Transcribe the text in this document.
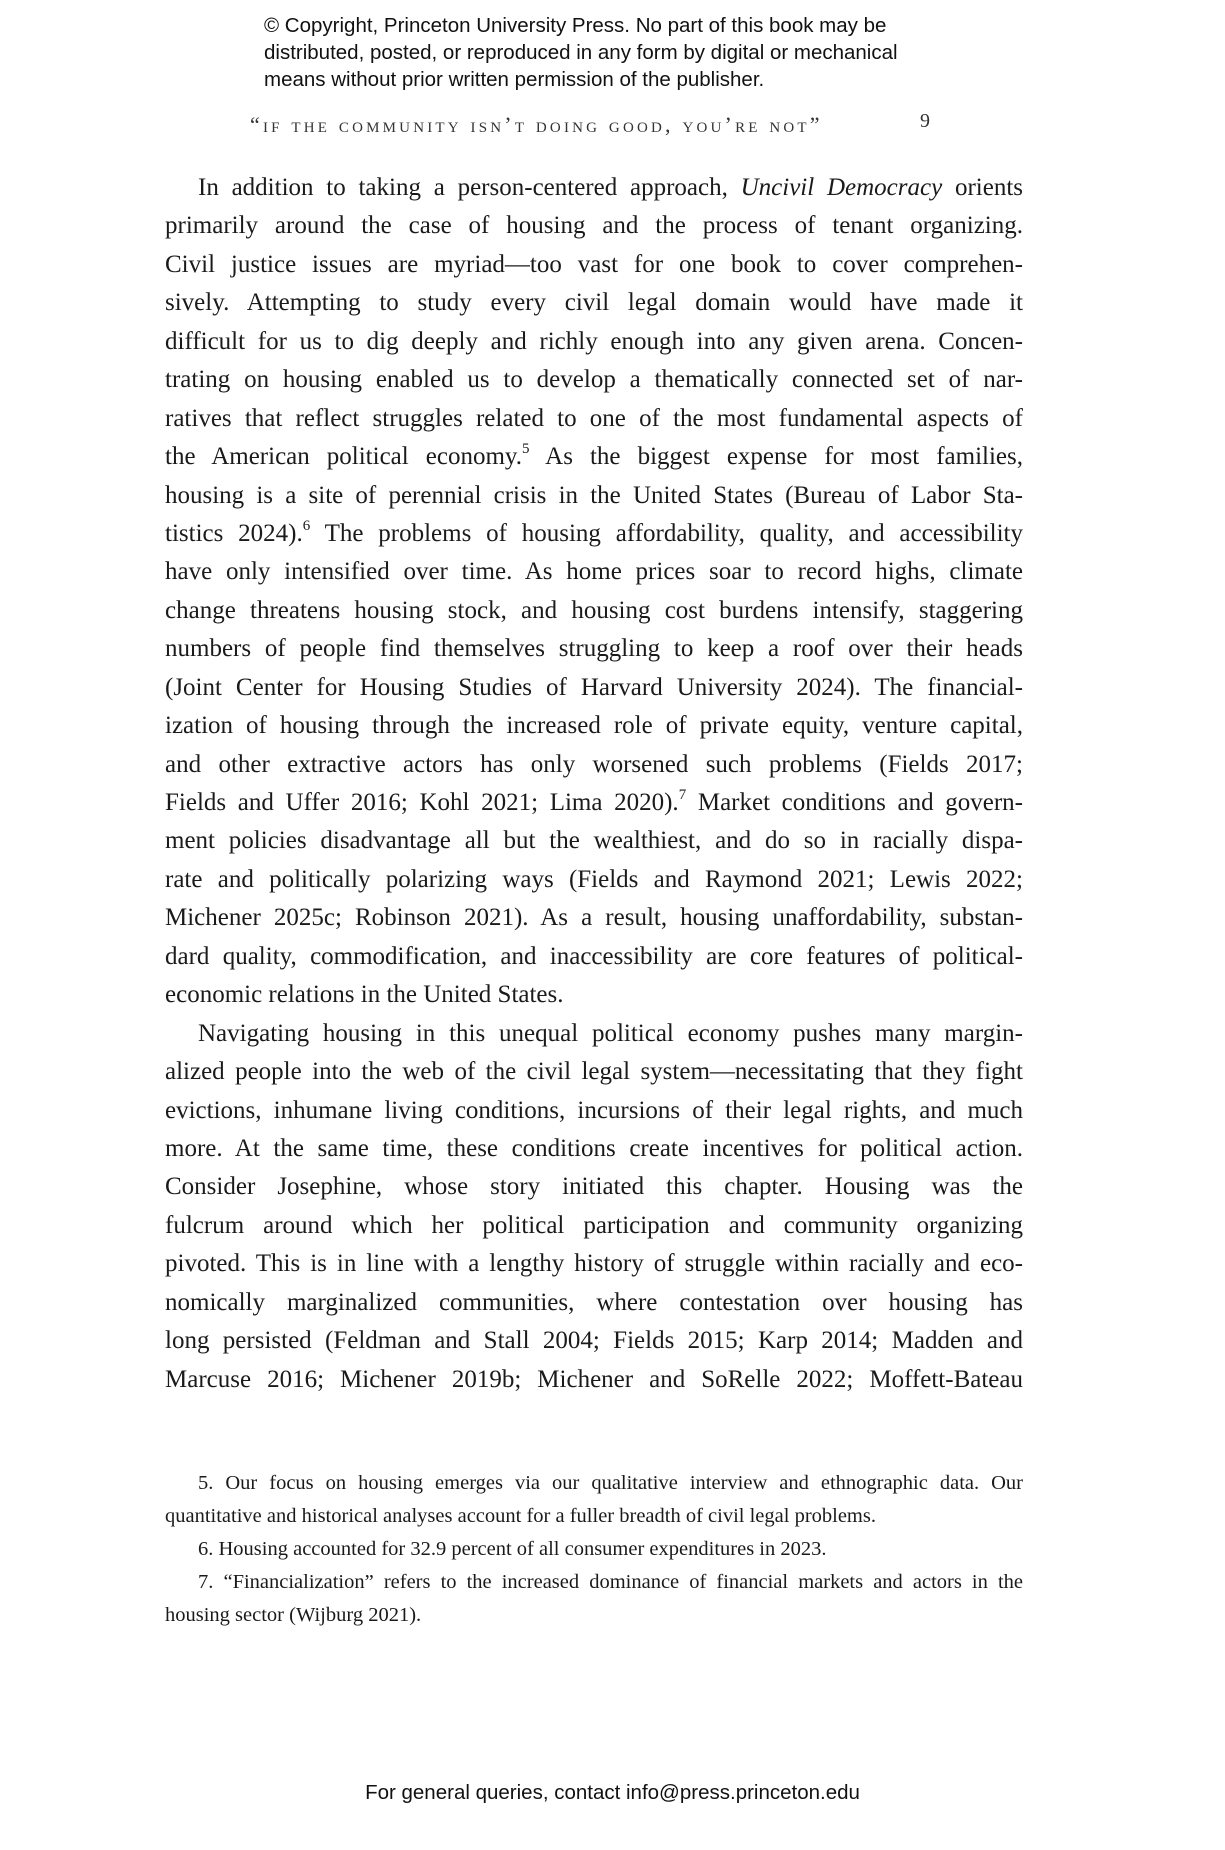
© Copyright, Princeton University Press. No part of this book may be
distributed, posted, or reproduced in any form by digital or mechanical
means without prior written permission of the publisher.
“if the community isn’t doing good, you’re not”	9
In addition to taking a person-centered approach, Uncivil Democracy orients
primarily around the case of housing and the process of tenant organizing.
Civil justice issues are myriad—too vast for one book to cover comprehen-
sively. Attempting to study every civil legal domain would have made it
difficult for us to dig deeply and richly enough into any given arena. Concen-
trating on housing enabled us to develop a thematically connected set of nar-
ratives that reflect struggles related to one of the most fundamental aspects of
the American political economy.$^5$ As the biggest expense for most families,
housing is a site of perennial crisis in the United States (Bureau of Labor Sta-
tistics 2024).$^6$ The problems of housing affordability, quality, and accessibility
have only intensified over time. As home prices soar to record highs, climate
change threatens housing stock, and housing cost burdens intensify, staggering
numbers of people find themselves struggling to keep a roof over their heads
(Joint Center for Housing Studies of Harvard University 2024). The financial-
ization of housing through the increased role of private equity, venture capital,
and other extractive actors has only worsened such problems (Fields 2017;
Fields and Uffer 2016; Kohl 2021; Lima 2020).$^7$ Market conditions and govern-
ment policies disadvantage all but the wealthiest, and do so in racially dispa-
rate and politically polarizing ways (Fields and Raymond 2021; Lewis 2022;
Michener 2025c; Robinson 2021). As a result, housing unaffordability, substan-
dard quality, commodification, and inaccessibility are core features of political-
economic relations in the United States.
Navigating housing in this unequal political economy pushes many margin-
alized people into the web of the civil legal system—necessitating that they fight
evictions, inhumane living conditions, incursions of their legal rights, and much
more. At the same time, these conditions create incentives for political action.
Consider Josephine, whose story initiated this chapter. Housing was the
fulcrum around which her political participation and community organizing
pivoted. This is in line with a lengthy history of struggle within racially and eco-
nomically marginalized communities, where contestation over housing has
long persisted (Feldman and Stall 2004; Fields 2015; Karp 2014; Madden and
Marcuse 2016; Michener 2019b; Michener and SoRelle 2022; Moffett-Bateau
5. Our focus on housing emerges via our qualitative interview and ethnographic data. Our
quantitative and historical analyses account for a fuller breadth of civil legal problems.
6. Housing accounted for 32.9 percent of all consumer expenditures in 2023.
7. “Financialization” refers to the increased dominance of financial markets and actors in the
housing sector (Wijburg 2021).
For general queries, contact info@press.princeton.edu
